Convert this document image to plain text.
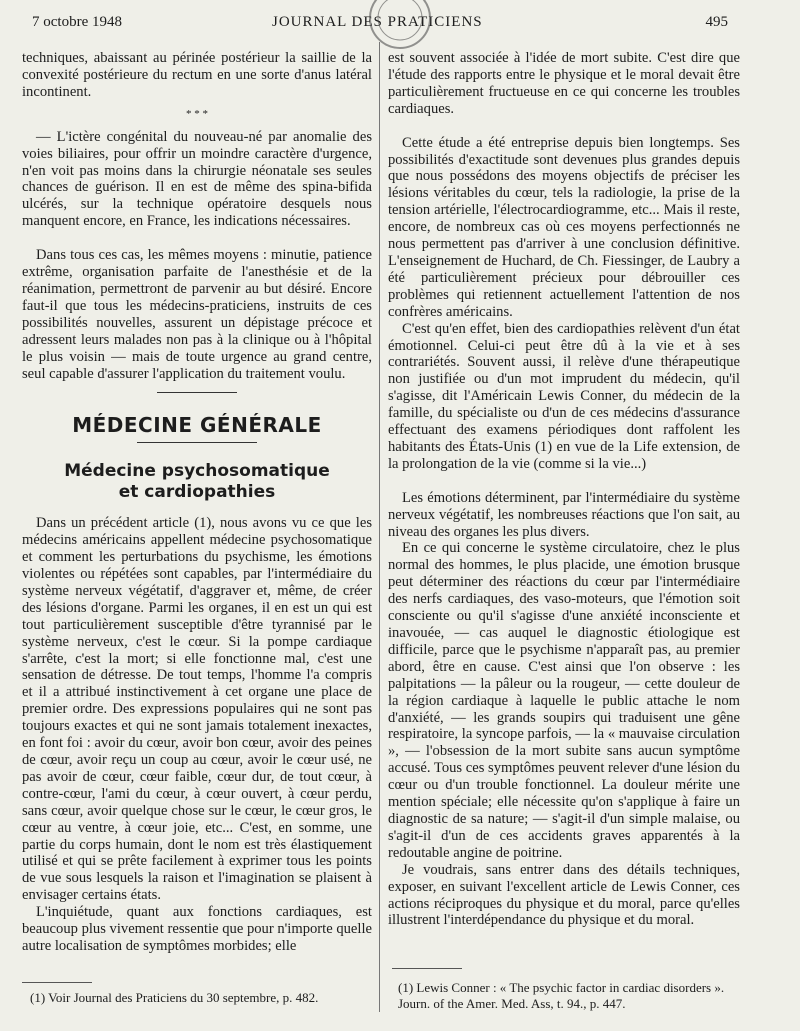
7 octobre 1948	JOURNAL DES PRATICIENS	495

techniques, abaissant au périnée postérieur la saillie de la convexité postérieure du rectum en une sorte d'anus latéral incontinent.

* * *

— L'ictère congénital du nouveau-né par anomalie des voies biliaires, pour offrir un moindre caractère d'urgence, n'en voit pas moins dans la chirurgie néonatale ses seules chances de guérison. Il en est de même des spina-bifida ulcérés, sur la technique opératoire desquels nous manquent encore, en France, les indications nécessaires.

Dans tous ces cas, les mêmes moyens : minutie, patience extrême, organisation parfaite de l'anesthésie et de la réanimation, permettront de parvenir au but désiré. Encore faut-il que tous les médecins-praticiens, instruits de ces possibilités nouvelles, assurent un dépistage précoce et adressent leurs malades non pas à la clinique ou à l'hôpital le plus voisin — mais de toute urgence au grand centre, seul capable d'assurer l'application du traitement voulu.

MÉDECINE GÉNÉRALE
Médecine psychosomatique
et cardiopathies

Dans un précédent article (1), nous avons vu ce que les médecins américains appellent médecine psychosomatique et comment les perturbations du psychisme, les émotions violentes ou répétées sont capables, par l'intermédiaire du système nerveux végétatif, d'aggraver et, même, de créer des lésions d'organe. Parmi les organes, il en est un qui est tout particulièrement susceptible d'être tyrannisé par le système nerveux, c'est le cœur. Si la pompe cardiaque s'arrête, c'est la mort; si elle fonctionne mal, c'est une sensation de détresse. De tout temps, l'homme l'a compris et il a attribué instinctivement à cet organe une place de premier ordre. Des expressions populaires qui ne sont pas toujours exactes et qui ne sont jamais totalement inexactes, en font foi : avoir du cœur, avoir bon cœur, avoir des peines de cœur, avoir reçu un coup au cœur, avoir le cœur usé, ne pas avoir de cœur, cœur faible, cœur dur, de tout cœur, à contre-cœur, l'ami du cœur, à cœur ouvert, à cœur perdu, sans cœur, avoir quelque chose sur le cœur, le cœur gros, le cœur au ventre, à cœur joie, etc... C'est, en somme, une partie du corps humain, dont le nom est très élastiquement utilisé et qui se prête facilement à exprimer tous les points de vue sous lesquels la raison et l'imagination se plaisent à envisager certains états.

L'inquiétude, quant aux fonctions cardiaques, est beaucoup plus vivement ressentie que pour n'importe quelle autre localisation de symptômes morbides; elle

(1) Voir Journal des Praticiens du 30 septembre, p. 482.

est souvent associée à l'idée de mort subite. C'est dire que l'étude des rapports entre le physique et le moral devait être particulièrement fructueuse en ce qui concerne les troubles cardiaques.

Cette étude a été entreprise depuis bien longtemps. Ses possibilités d'exactitude sont devenues plus grandes depuis que nous possédons des moyens objectifs de préciser les lésions véritables du cœur, tels la radiologie, la prise de la tension artérielle, l'électrocardiogramme, etc... Mais il reste, encore, de nombreux cas où ces moyens perfectionnés ne nous permettent pas d'arriver à une conclusion définitive. L'enseignement de Huchard, de Ch. Fiessinger, de Laubry a été particulièrement précieux pour débrouiller ces problèmes qui retiennent actuellement l'attention de nos confrères américains.

C'est qu'en effet, bien des cardiopathies relèvent d'un état émotionnel. Celui-ci peut être dû à la vie et à ses contrariétés. Souvent aussi, il relève d'une thérapeutique non justifiée ou d'un mot imprudent du médecin, qu'il s'agisse, dit l'Américain Lewis Conner, du médecin de la famille, du spécialiste ou d'un de ces médecins d'assurance effectuant des examens périodiques dont raffolent les habitants des États-Unis (1) en vue de la Life extension, de la prolongation de la vie (comme si la vie...)

Les émotions déterminent, par l'intermédiaire du système nerveux végétatif, les nombreuses réactions que l'on sait, au niveau des organes les plus divers.

En ce qui concerne le système circulatoire, chez le plus normal des hommes, le plus placide, une émotion brusque peut déterminer des réactions du cœur par l'intermédiaire des nerfs cardiaques, des vaso-moteurs, que l'émotion soit consciente ou qu'il s'agisse d'une anxiété inconsciente et inavouée, — cas auquel le diagnostic étiologique est difficile, parce que le psychisme n'apparaît pas, au premier abord, être en cause. C'est ainsi que l'on observe : les palpitations — la pâleur ou la rougeur, — cette douleur de la région cardiaque à laquelle le public attache le nom d'anxiété, — les grands soupirs qui traduisent une gêne respiratoire, la syncope parfois, — la « mauvaise circulation », — l'obsession de la mort subite sans aucun symptôme accusé. Tous ces symptômes peuvent relever d'une lésion du cœur ou d'un trouble fonctionnel. La douleur mérite une mention spéciale; elle nécessite qu'on s'applique à faire un diagnostic de sa nature; — s'agit-il d'un simple malaise, ou s'agit-il d'un de ces accidents graves apparentés à la redoutable angine de poitrine.

Je voudrais, sans entrer dans des détails techniques, exposer, en suivant l'excellent article de Lewis Conner, ces actions réciproques du physique et du moral, parce qu'elles illustrent l'interdépendance du physique et du moral.

(1) Lewis Conner : « The psychic factor in cardiac disorders ». Journ. of the Amer. Med. Ass, t. 94., p. 447.
